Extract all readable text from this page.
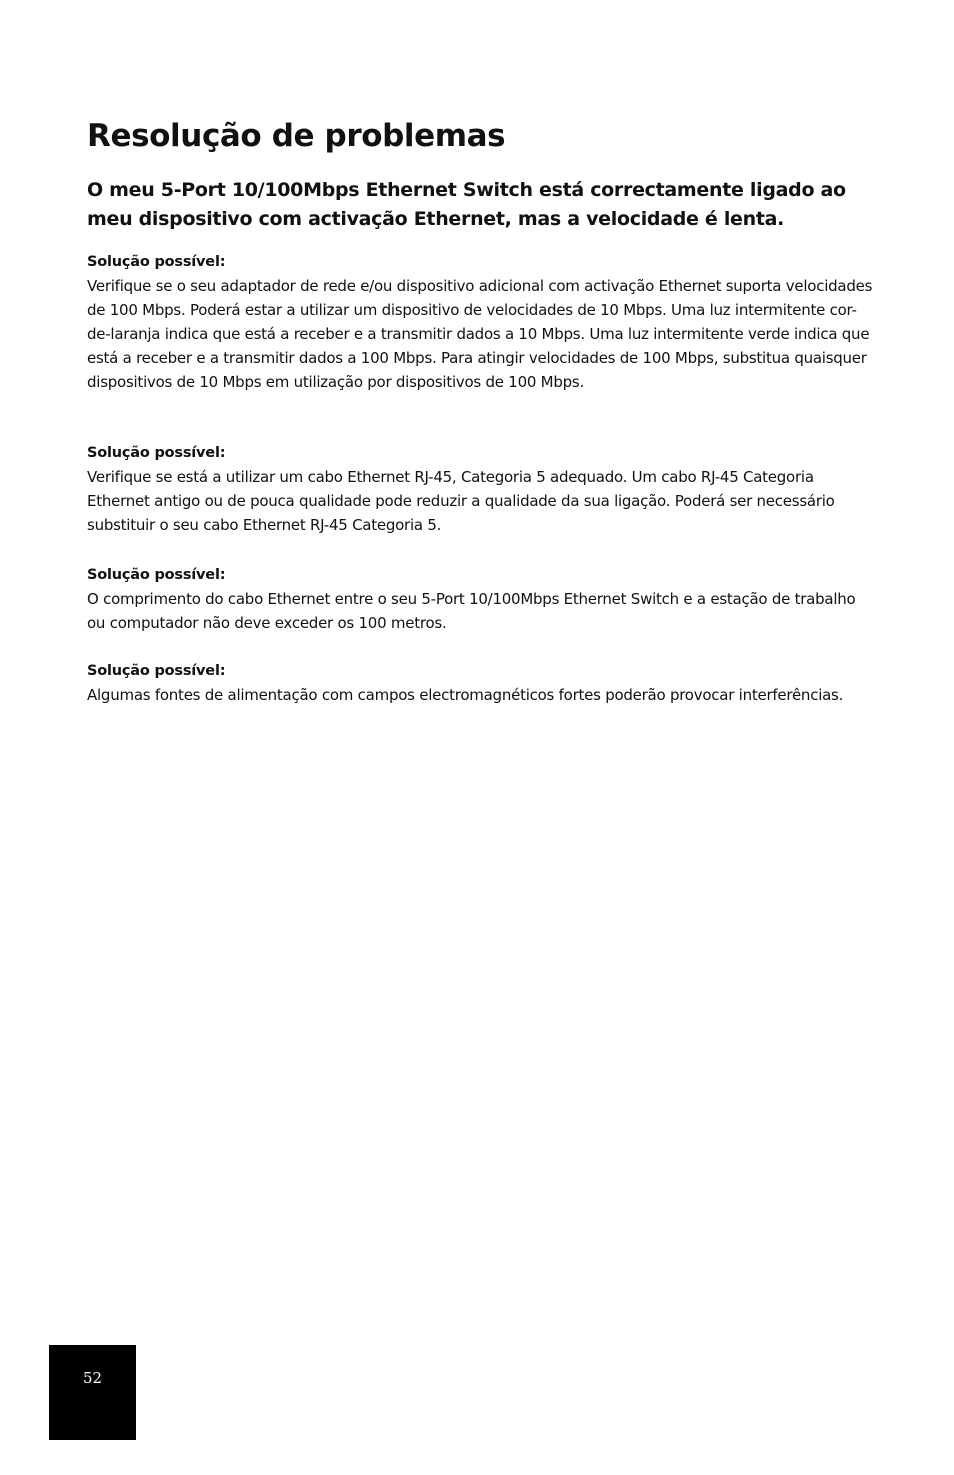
Resolução de problemas
O meu 5-Port 10/100Mbps Ethernet Switch está correctamente ligado ao meu dispositivo com activação Ethernet, mas a velocidade é lenta.

Solução possível:

Verifique se o seu adaptador de rede e/ou dispositivo adicional com activação Ethernet suporta velocidades de 100 Mbps. Poderá estar a utilizar um dispositivo de velocidades de 10 Mbps. Uma luz intermitente cor-de-laranja indica que está a receber e a transmitir dados a 10 Mbps. Uma luz intermitente verde indica que está a receber e a transmitir dados a 100 Mbps. Para atingir velocidades de 100 Mbps, substitua quaisquer dispositivos de 10 Mbps em utilização por dispositivos de 100 Mbps.

Solução possível:

Verifique se está a utilizar um cabo Ethernet RJ-45, Categoria 5 adequado. Um cabo RJ-45 Categoria Ethernet antigo ou de pouca qualidade pode reduzir a qualidade da sua ligação. Poderá ser necessário substituir o seu cabo Ethernet RJ-45 Categoria 5.

Solução possível:

O comprimento do cabo Ethernet entre o seu 5-Port 10/100Mbps Ethernet Switch e a estação de trabalho ou computador não deve exceder os 100 metros.

Solução possível:

Algumas fontes de alimentação com campos electromagnéticos fortes poderão provocar interferências.

52
